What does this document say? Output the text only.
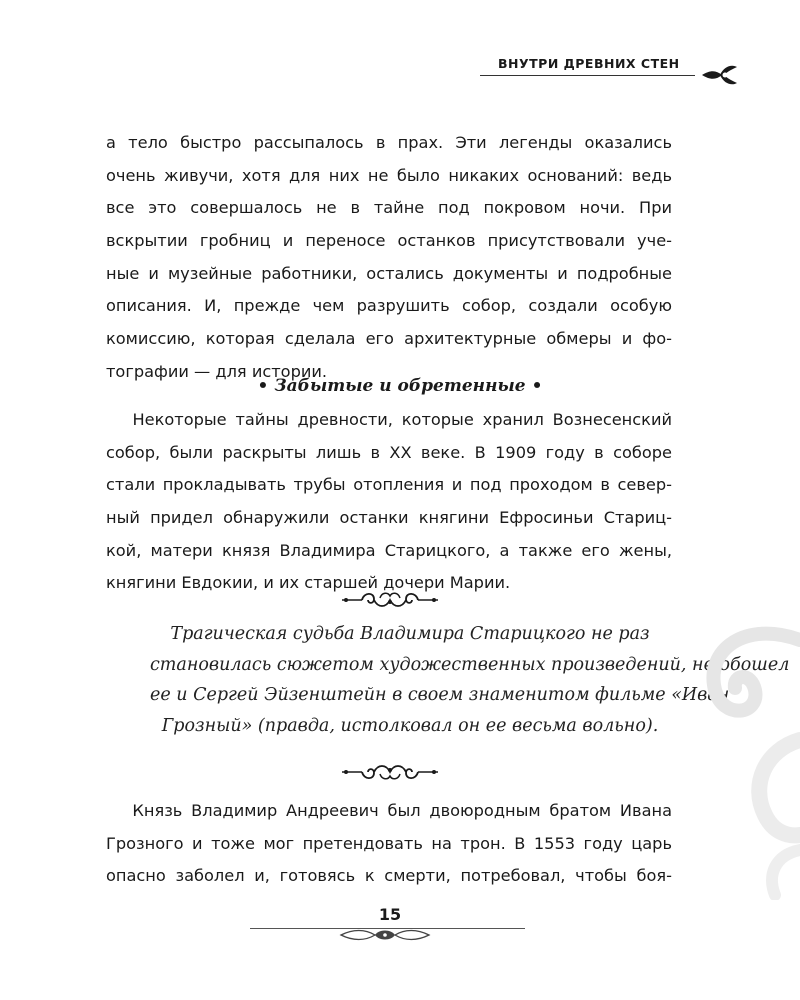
ВНУТРИ ДРЕВНИХ СТЕН
а тело быстро рассыпалось в прах. Эти легенды оказались
очень живучи, хотя для них не было никаких оснований: ведь
все это совершалось не в тайне под покровом ночи. При
вскрытии гробниц и переносе останков присутствовали уче-
ные и музейные работники, остались документы и подробные
описания. И, прежде чем разрушить собор, создали особую
комиссию, которая сделала его архитектурные обмеры и фо-
тографии — для истории.
• Забытые и обретенные •
Некоторые тайны древности, которые хранил Вознесенский
собор, были раскрыты лишь в XX веке. В 1909 году в соборе
стали прокладывать трубы отопления и под проходом в север-
ный придел обнаружили останки княгини Ефросиньи Стариц-
кой, матери князя Владимира Старицкого, а также его жены,
княгини Евдокии, и их старшей дочери Марии.
Трагическая судьба Владимира Старицкого не раз
становилась сюжетом художественных произведений, не обошел
ее и Сергей Эйзенштейн в своем знаменитом фильме «Иван
Грозный» (правда, истолковал он ее весьма вольно).
Князь Владимир Андреевич был двоюродным братом Ивана
Грозного и тоже мог претендовать на трон. В 1553 году царь
опасно заболел и, готовясь к смерти, потребовал, чтобы боя-
15
